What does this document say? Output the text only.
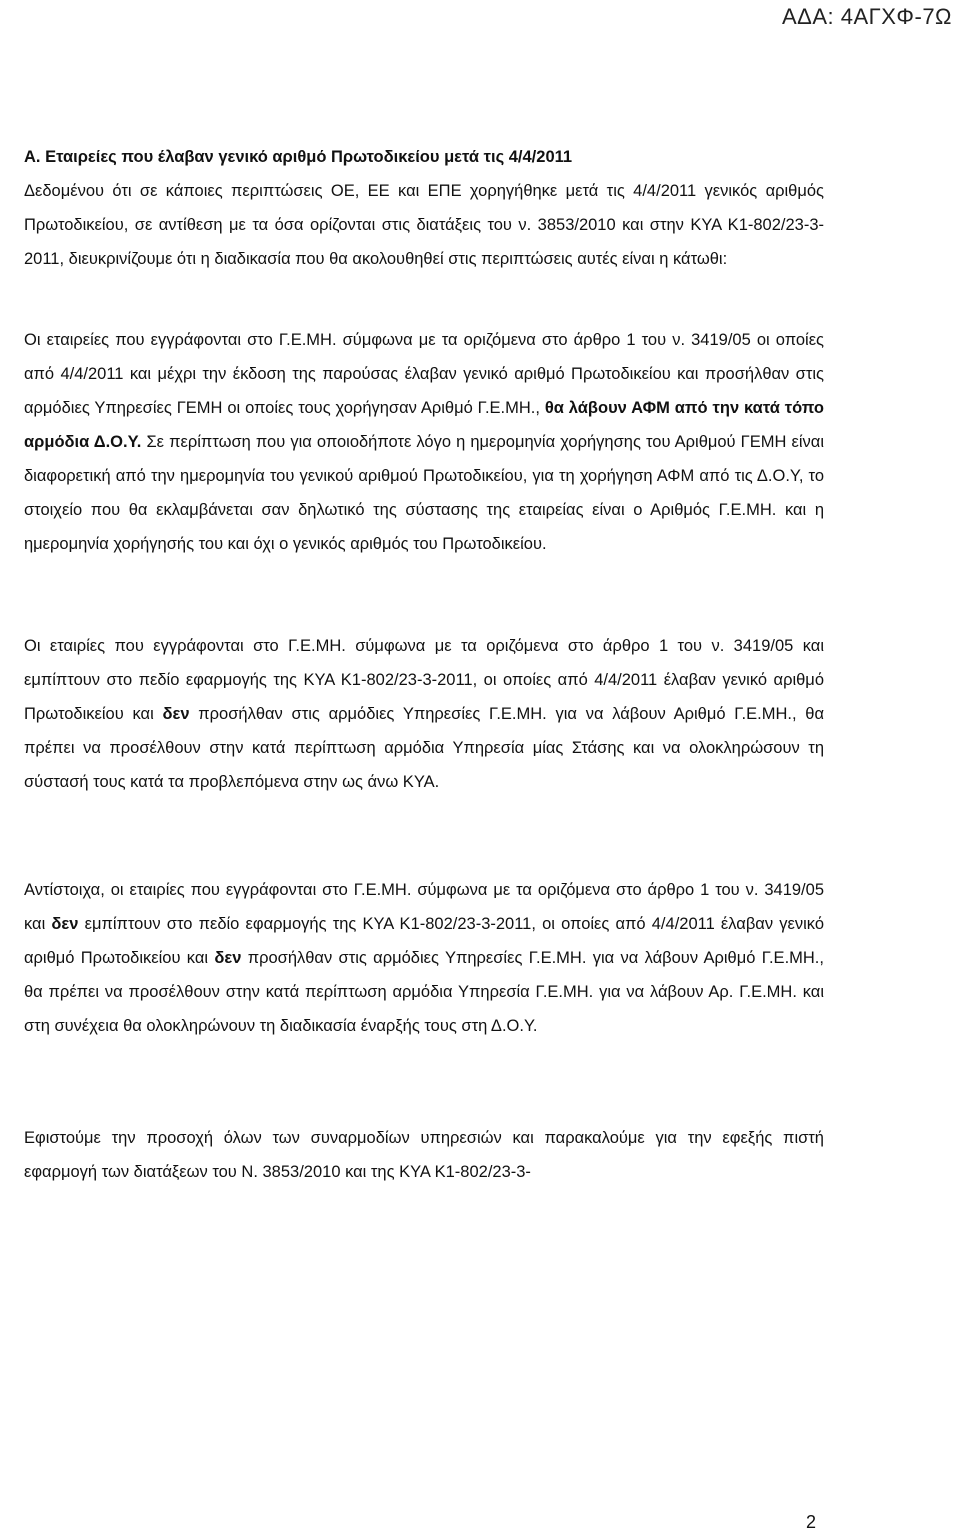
ΑΔΑ: 4ΑΓΧΦ-7Ω

Α. Εταιρείες που έλαβαν γενικό αριθμό Πρωτοδικείου μετά τις 4/4/2011

Δεδομένου ότι σε κάποιες περιπτώσεις ΟΕ, ΕΕ και ΕΠΕ χορηγήθηκε μετά τις 4/4/2011 γενικός αριθμός Πρωτοδικείου, σε αντίθεση με τα όσα ορίζονται στις διατάξεις του ν. 3853/2010 και στην ΚΥΑ Κ1-802/23-3-2011, διευκρινίζουμε ότι η διαδικασία που θα ακολουθηθεί στις περιπτώσεις αυτές είναι η κάτωθι:

Οι εταιρείες που εγγράφονται στο Γ.Ε.ΜΗ. σύμφωνα με τα οριζόμενα στο άρθρο 1 του ν. 3419/05 οι οποίες από 4/4/2011 και μέχρι την έκδοση της παρούσας έλαβαν γενικό αριθμό Πρωτοδικείου και προσήλθαν στις αρμόδιες Υπηρεσίες ΓΕΜΗ οι οποίες τους χορήγησαν Αριθμό Γ.Ε.ΜΗ., θα λάβουν ΑΦΜ από την κατά τόπο αρμόδια Δ.Ο.Υ. Σε περίπτωση που για οποιοδήποτε λόγο η ημερομηνία χορήγησης του Αριθμού ΓΕΜΗ είναι διαφορετική από την ημερομηνία του γενικού αριθμού Πρωτοδικείου, για τη χορήγηση ΑΦΜ από τις Δ.Ο.Υ, το στοιχείο που θα εκλαμβάνεται σαν δηλωτικό της σύστασης της εταιρείας είναι ο Αριθμός Γ.Ε.ΜΗ. και η ημερομηνία χορήγησής του και όχι ο γενικός αριθμός του Πρωτοδικείου.

Οι εταιρίες που εγγράφονται στο Γ.Ε.ΜΗ. σύμφωνα με τα οριζόμενα στο άρθρο 1 του ν. 3419/05 και εμπίπτουν στο πεδίο εφαρμογής της ΚΥΑ Κ1-802/23-3-2011, οι οποίες από 4/4/2011 έλαβαν γενικό αριθμό Πρωτοδικείου και δεν προσήλθαν στις αρμόδιες Υπηρεσίες Γ.Ε.ΜΗ. για να λάβουν Αριθμό Γ.Ε.ΜΗ., θα πρέπει να προσέλθουν στην κατά περίπτωση αρμόδια Υπηρεσία μίας Στάσης και να ολοκληρώσουν τη σύστασή τους κατά τα προβλεπόμενα στην ως άνω ΚΥΑ.

Αντίστοιχα, οι εταιρίες που εγγράφονται στο Γ.Ε.ΜΗ. σύμφωνα με τα οριζόμενα στο άρθρο 1 του ν. 3419/05 και δεν εμπίπτουν στο πεδίο εφαρμογής της ΚΥΑ Κ1-802/23-3-2011, οι οποίες από 4/4/2011 έλαβαν γενικό αριθμό Πρωτοδικείου και δεν προσήλθαν στις αρμόδιες Υπηρεσίες Γ.Ε.ΜΗ. για να λάβουν Αριθμό Γ.Ε.ΜΗ., θα πρέπει να προσέλθουν στην κατά περίπτωση αρμόδια Υπηρεσία Γ.Ε.ΜΗ. για να λάβουν Αρ. Γ.Ε.ΜΗ. και στη συνέχεια θα ολοκληρώνουν τη διαδικασία έναρξής τους στη Δ.Ο.Υ.

Εφιστούμε την προσοχή όλων των συναρμοδίων υπηρεσιών και παρακαλούμε για την εφεξής πιστή εφαρμογή των διατάξεων του Ν. 3853/2010 και της ΚΥΑ Κ1-802/23-3-

2
